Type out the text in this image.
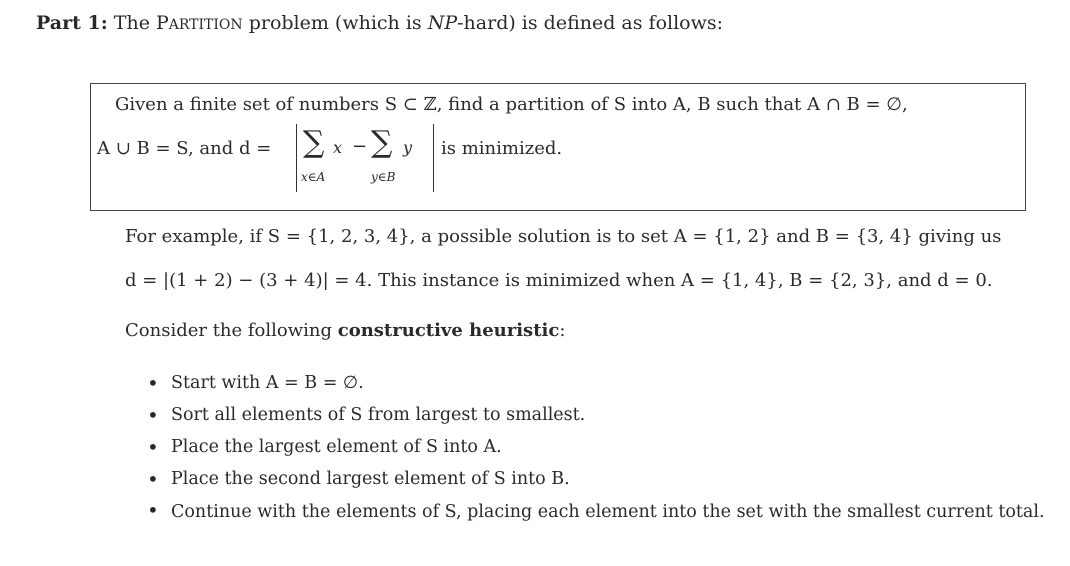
Part 1: The PARTITION problem (which is NP-hard) is defined as follows:
Given a finite set of numbers S ⊂ ℤ, find a partition of S into A, B such that A ∩ B = ∅,
A ∪ B = S, and d = ∑ x − ∑ y
x∈A	y∈B
is minimized.
For example, if S = {1, 2, 3, 4}, a possible solution is to set A = {1, 2} and B = {3, 4} giving us
d = |(1 + 2) − (3 + 4)| = 4. This instance is minimized when A = {1, 4}, B = {2, 3}, and d = 0.
Consider the following constructive heuristic:
• Start with A = B = ∅.
• Sort all elements of S from largest to smallest.
• Place the largest element of S into A.
• Place the second largest element of S into B.
• Continue with the elements of S, placing each element into the set with the smallest current total.
